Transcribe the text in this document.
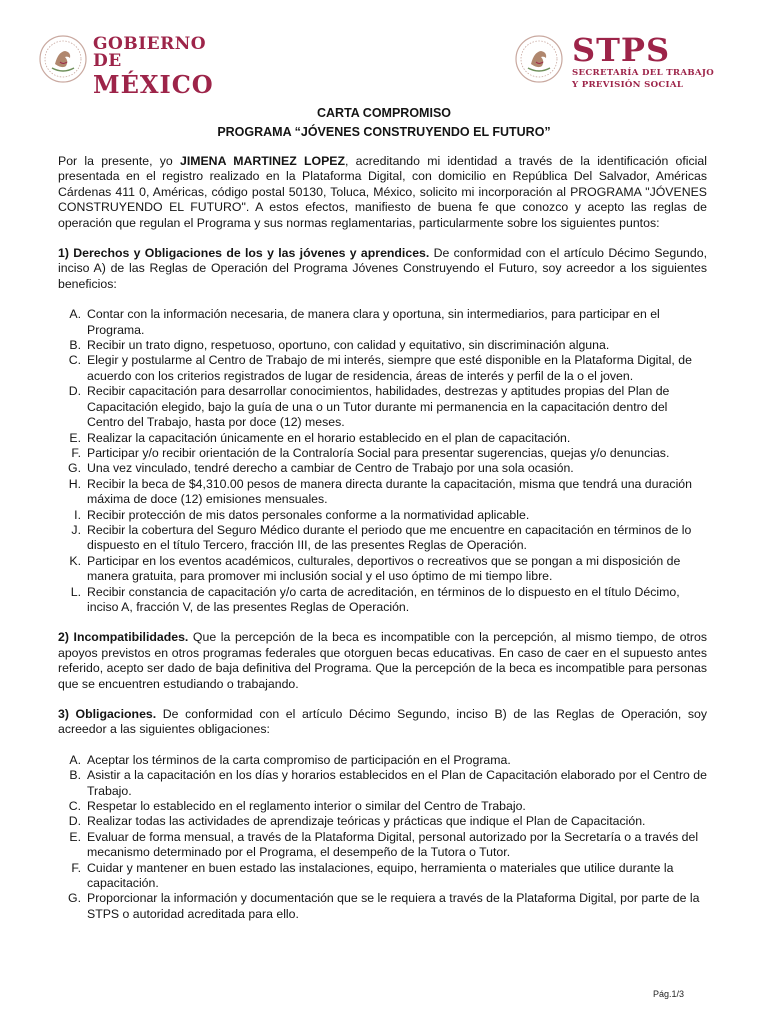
GOBIERNO DE
MÉXICO
STPS
SECRETARÍA DEL TRABAJO
Y PREVISIÓN SOCIAL
CARTA COMPROMISO
PROGRAMA “JÓVENES CONSTRUYENDO EL FUTURO”

Por la presente, yo JIMENA MARTINEZ LOPEZ, acreditando mi identidad a través de la identificación oficial presentada en el registro realizado en la Plataforma Digital, con domicilio en República Del Salvador, Américas Cárdenas 411 0, Américas, código postal 50130, Toluca, México, solicito mi incorporación al PROGRAMA "JÓVENES CONSTRUYENDO EL FUTURO". A estos efectos, manifiesto de buena fe que conozco y acepto las reglas de operación que regulan el Programa y sus normas reglamentarias, particularmente sobre los siguientes puntos:

1) Derechos y Obligaciones de los y las jóvenes y aprendices. De conformidad con el artículo Décimo Segundo, inciso A) de las Reglas de Operación del Programa Jóvenes Construyendo el Futuro, soy acreedor a los siguientes beneficios:

A. Contar con la información necesaria, de manera clara y oportuna, sin intermediarios, para participar en el Programa.
B. Recibir un trato digno, respetuoso, oportuno, con calidad y equitativo, sin discriminación alguna.
C. Elegir y postularme al Centro de Trabajo de mi interés, siempre que esté disponible en la Plataforma Digital, de acuerdo con los criterios registrados de lugar de residencia, áreas de interés y perfil de la o el joven.
D. Recibir capacitación para desarrollar conocimientos, habilidades, destrezas y aptitudes propias del Plan de Capacitación elegido, bajo la guía de una o un Tutor durante mi permanencia en la capacitación dentro del Centro del Trabajo, hasta por doce (12) meses.
E. Realizar la capacitación únicamente en el horario establecido en el plan de capacitación.
F. Participar y/o recibir orientación de la Contraloría Social para presentar sugerencias, quejas y/o denuncias.
G. Una vez vinculado, tendré derecho a cambiar de Centro de Trabajo por una sola ocasión.
H. Recibir la beca de $4,310.00 pesos de manera directa durante la capacitación, misma que tendrá una duración máxima de doce (12) emisiones mensuales.
I. Recibir protección de mis datos personales conforme a la normatividad aplicable.
J. Recibir la cobertura del Seguro Médico durante el periodo que me encuentre en capacitación en términos de lo dispuesto en el título Tercero, fracción III, de las presentes Reglas de Operación.
K. Participar en los eventos académicos, culturales, deportivos o recreativos que se pongan a mi disposición de manera gratuita, para promover mi inclusión social y el uso óptimo de mi tiempo libre.
L. Recibir constancia de capacitación y/o carta de acreditación, en términos de lo dispuesto en el título Décimo, inciso A, fracción V, de las presentes Reglas de Operación.

2) Incompatibilidades. Que la percepción de la beca es incompatible con la percepción, al mismo tiempo, de otros apoyos previstos en otros programas federales que otorguen becas educativas. En caso de caer en el supuesto antes referido, acepto ser dado de baja definitiva del Programa. Que la percepción de la beca es incompatible para personas que se encuentren estudiando o trabajando.

3) Obligaciones. De conformidad con el artículo Décimo Segundo, inciso B) de las Reglas de Operación, soy acreedor a las siguientes obligaciones:

A. Aceptar los términos de la carta compromiso de participación en el Programa.
B. Asistir a la capacitación en los días y horarios establecidos en el Plan de Capacitación elaborado por el Centro de Trabajo.
C. Respetar lo establecido en el reglamento interior o similar del Centro de Trabajo.
D. Realizar todas las actividades de aprendizaje teóricas y prácticas que indique el Plan de Capacitación.
E. Evaluar de forma mensual, a través de la Plataforma Digital, personal autorizado por la Secretaría o a través del mecanismo determinado por el Programa, el desempeño de la Tutora o Tutor.
F. Cuidar y mantener en buen estado las instalaciones, equipo, herramienta o materiales que utilice durante la capacitación.
G. Proporcionar la información y documentación que se le requiera a través de la Plataforma Digital, por parte de la STPS o autoridad acreditada para ello.
Pág.1/3
